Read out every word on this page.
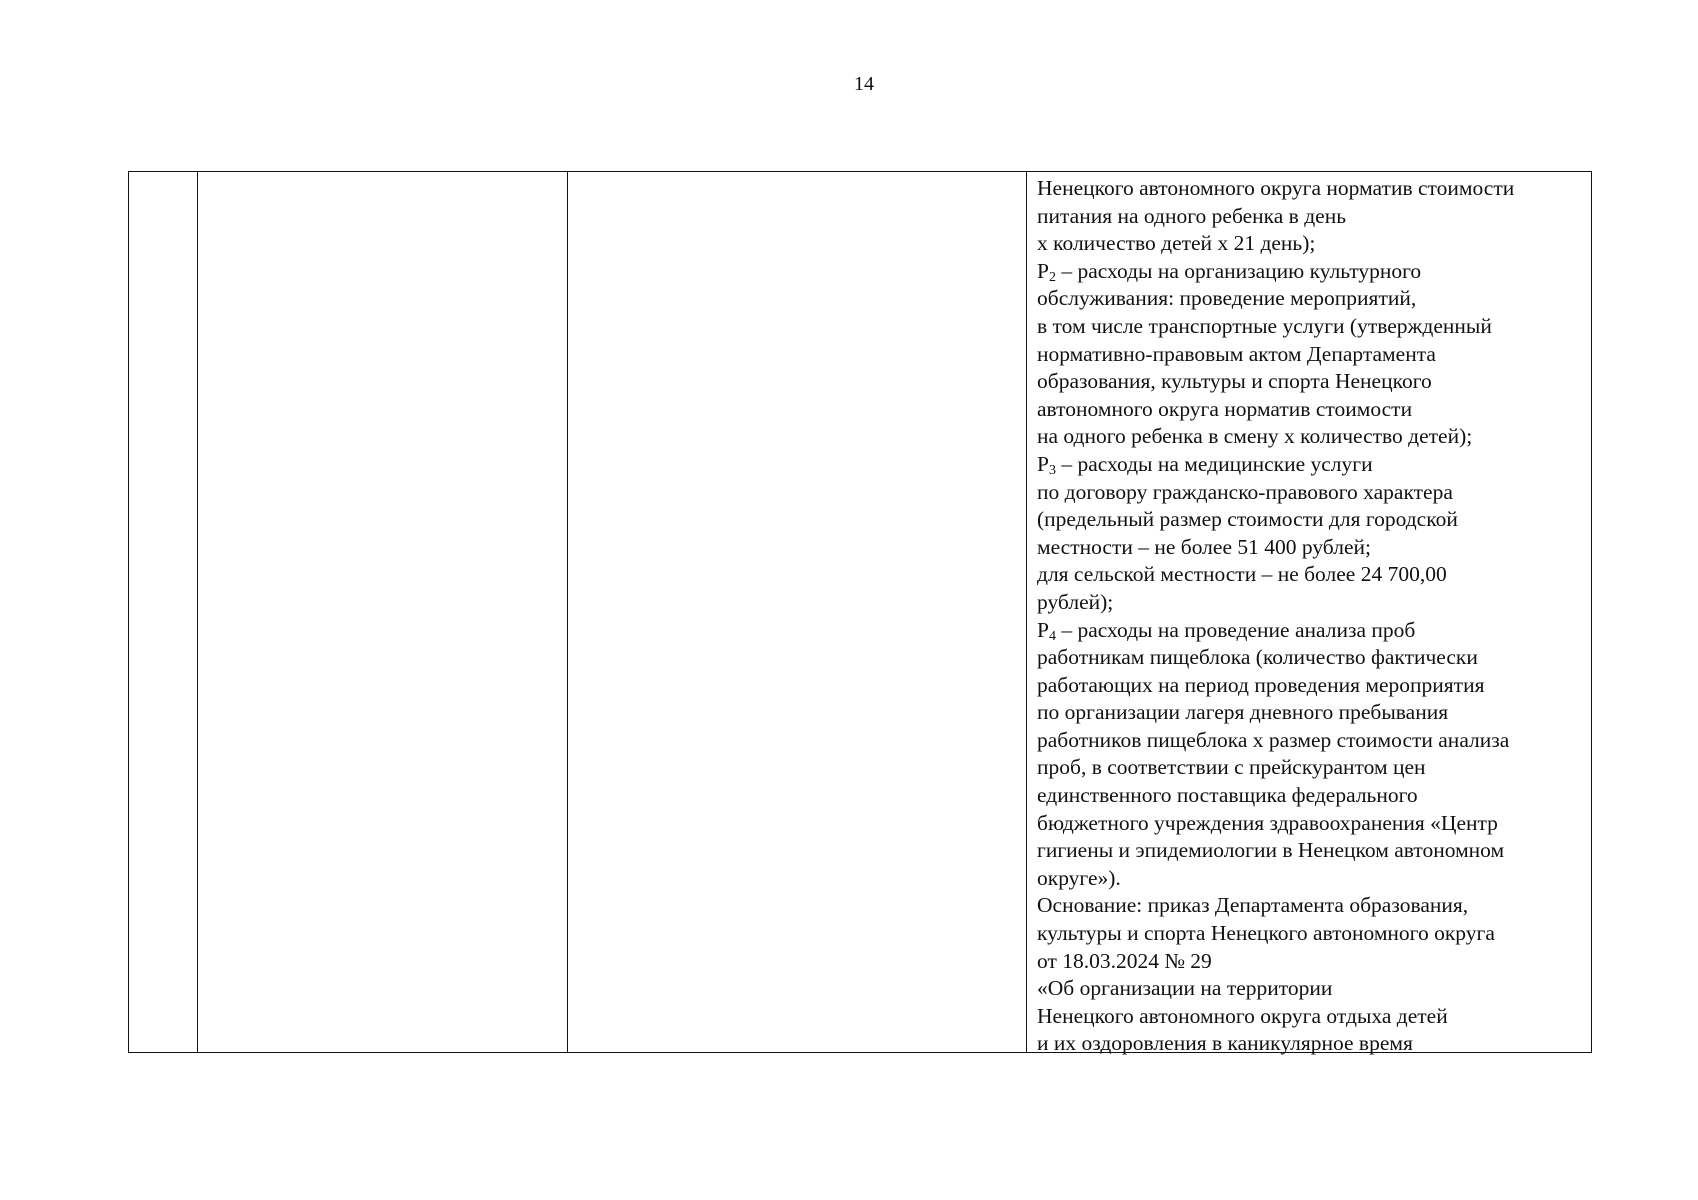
14
Ненецкого автономного округа норматив стоимости
питания на одного ребенка в день
х количество детей х 21 день);
$Р_2$ – расходы на организацию культурного
обслуживания: проведение мероприятий,
в том числе транспортные услуги (утвержденный
нормативно-правовым актом Департамента
образования, культуры и спорта Ненецкого
автономного округа норматив стоимости
на одного ребенка в смену х количество детей);
$Р_3$ – расходы на медицинские услуги
по договору гражданско-правового характера
(предельный размер стоимости для городской
местности – не более 51 400 рублей;
для сельской местности – не более 24 700,00
рублей);
$Р_4$ – расходы на проведение анализа проб
работникам пищеблока (количество фактически
работающих на период проведения мероприятия
по организации лагеря дневного пребывания
работников пищеблока х размер стоимости анализа
проб, в соответствии с прейскурантом цен
единственного поставщика федерального
бюджетного учреждения здравоохранения «Центр
гигиены и эпидемиологии в Ненецком автономном
округе»).
Основание: приказ Департамента образования,
культуры и спорта Ненецкого автономного округа
от 18.03.2024 № 29
«Об организации на территории
Ненецкого автономного округа отдыха детей
и их оздоровления в каникулярное время
